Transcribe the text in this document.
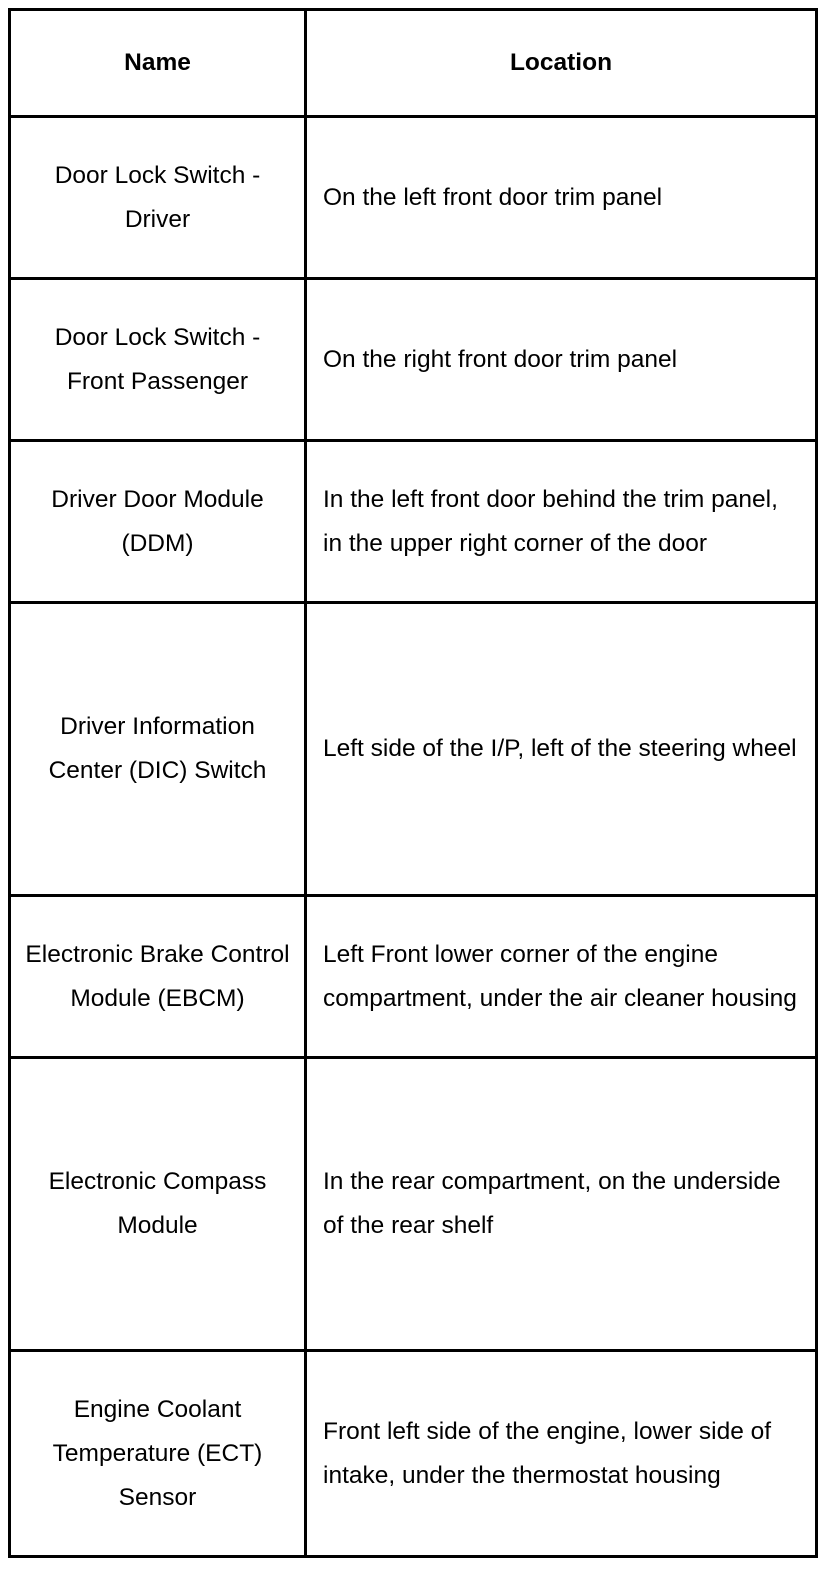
Name	Location

Door Lock Switch - Driver	On the left front door trim panel

Door Lock Switch - Front Passenger	On the right front door trim panel

Driver Door Module (DDM)	In the left front door behind the trim panel, in the upper right corner of the door

Driver Information Center (DIC) Switch	Left side of the I/P, left of the steering wheel

Electronic Brake Control Module (EBCM)	Left Front lower corner of the engine compartment, under the air cleaner housing

Electronic Compass Module	In the rear compartment, on the underside of the rear shelf

Engine Coolant Temperature (ECT) Sensor	Front left side of the engine, lower side of intake, under the thermostat housing
